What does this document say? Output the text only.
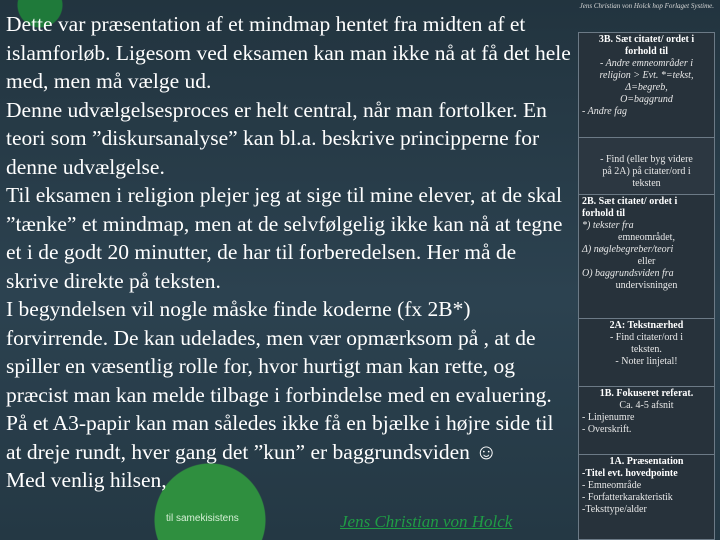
Jens Christian von Holck hop Forlaget Systime.

Dette var præsentation af et mindmap hentet fra midten af et islamforløb. Ligesom ved eksamen kan man ikke nå at få det hele med, men må vælge ud.

Denne udvælgelsesproces er helt central, når man fortolker. En teori som ”diskursanalyse” kan bl.a. beskrive principperne for denne udvælgelse.

Til eksamen i religion plejer jeg at sige til mine elever, at de skal ”tænke” et mindmap, men at de selvfølgelig ikke kan nå at tegne et i de godt 20 minutter, de har til forberedelsen. Her må de skrive direkte på teksten.

I begyndelsen vil nogle måske finde koderne (fx 2B*) forvirrende. De kan udelades, men vær opmærksom på , at de spiller en væsentlig rolle for, hvor hurtigt man kan rette, og præcist man kan melde tilbage i forbindelse med en evaluering. På et A3-papir kan man således ikke få en bjælke i højre side til at dreje rundt, hver gang det ”kun” er baggrundsviden ☺

Med venlig hilsen,

til samekisistens	Jens Christian von Holck
- Find (eller byg videre
på 2A) på citater/ord i
teksten
3B. Sæt citatet/ ordet i forhold til
- Andre emneområder i
religion > Evt. *=tekst,
Δ=begreb,
O=baggrund
- Andre fag
2B. Sæt citatet/ ordet i
forhold til
*) tekster fra
emneområdet,
Δ) nøglebegreber/teori
eller
O) baggrundsviden fra
undervisningen
2A: Tekstnærhed
- Find citater/ord i
teksten.
- Noter linjetal!
1B. Fokuseret referat.
Ca. 4-5 afsnit
- Linjenumre
- Overskrift.
1A. Præsentation
-Titel evt. hovedpointe
- Emneområde
- Forfatterkarakteristik
-Teksttype/alder
